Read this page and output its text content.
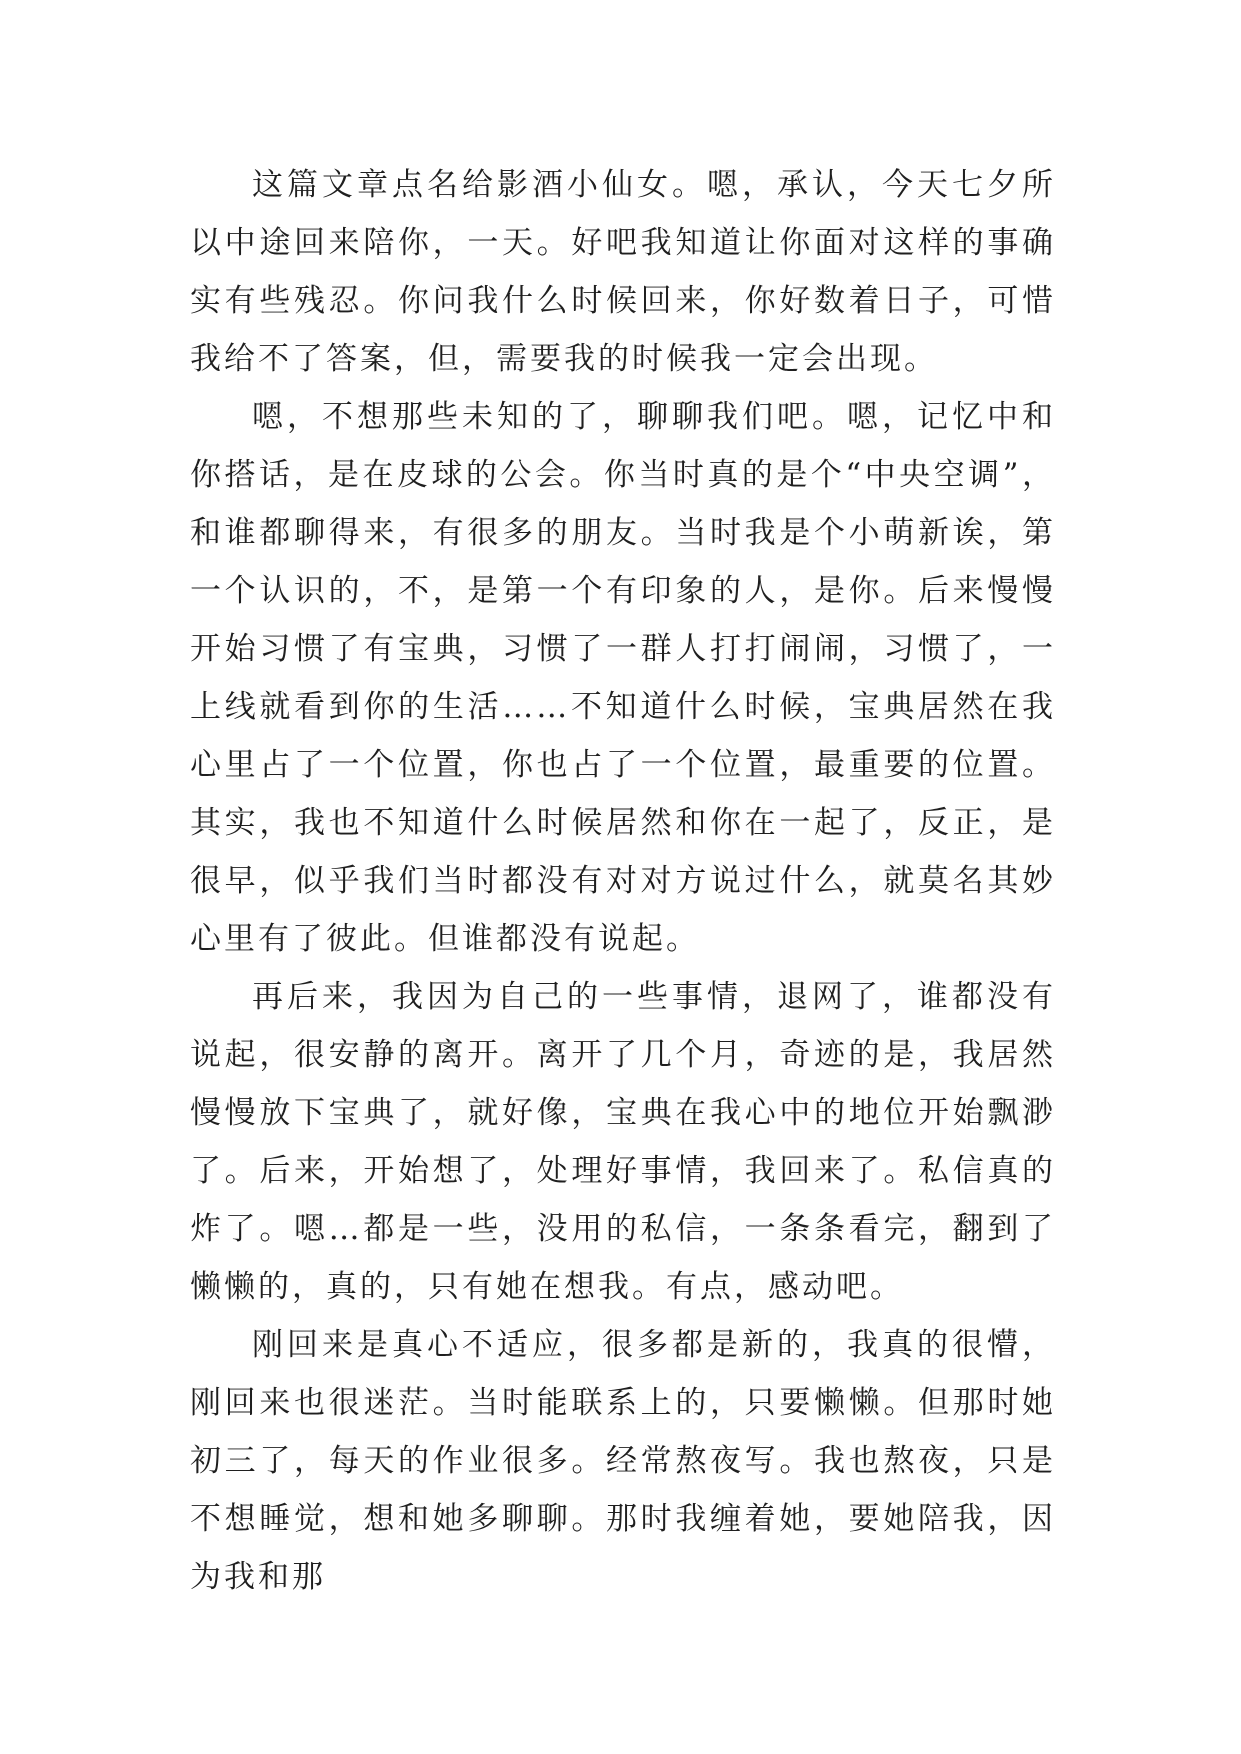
这篇文章点名给影酒小仙女。嗯，承认，今天七夕所以中途回来陪你，一天。好吧我知道让你面对这样的事确实有些残忍。你问我什么时候回来，你好数着日子，可惜我给不了答案，但，需要我的时候我一定会出现。

嗯，不想那些未知的了，聊聊我们吧。嗯，记忆中和你搭话，是在皮球的公会。你当时真的是个“中央空调”，和谁都聊得来，有很多的朋友。当时我是个小萌新诶，第一个认识的，不，是第一个有印象的人，是你。后来慢慢开始习惯了有宝典，习惯了一群人打打闹闹，习惯了，一上线就看到你的生活……不知道什么时候，宝典居然在我心里占了一个位置，你也占了一个位置，最重要的位置。其实，我也不知道什么时候居然和你在一起了，反正，是很早，似乎我们当时都没有对对方说过什么，就莫名其妙心里有了彼此。但谁都没有说起。

再后来，我因为自己的一些事情，退网了，谁都没有说起，很安静的离开。离开了几个月，奇迹的是，我居然慢慢放下宝典了，就好像，宝典在我心中的地位开始飘渺了。后来，开始想了，处理好事情，我回来了。私信真的炸了。嗯…都是一些，没用的私信，一条条看完，翻到了懒懒的，真的，只有她在想我。有点，感动吧。

刚回来是真心不适应，很多都是新的，我真的很懵，刚回来也很迷茫。当时能联系上的，只要懒懒。但那时她初三了，每天的作业很多。经常熬夜写。我也熬夜，只是不想睡觉，想和她多聊聊。那时我缠着她，要她陪我，因为我和那
